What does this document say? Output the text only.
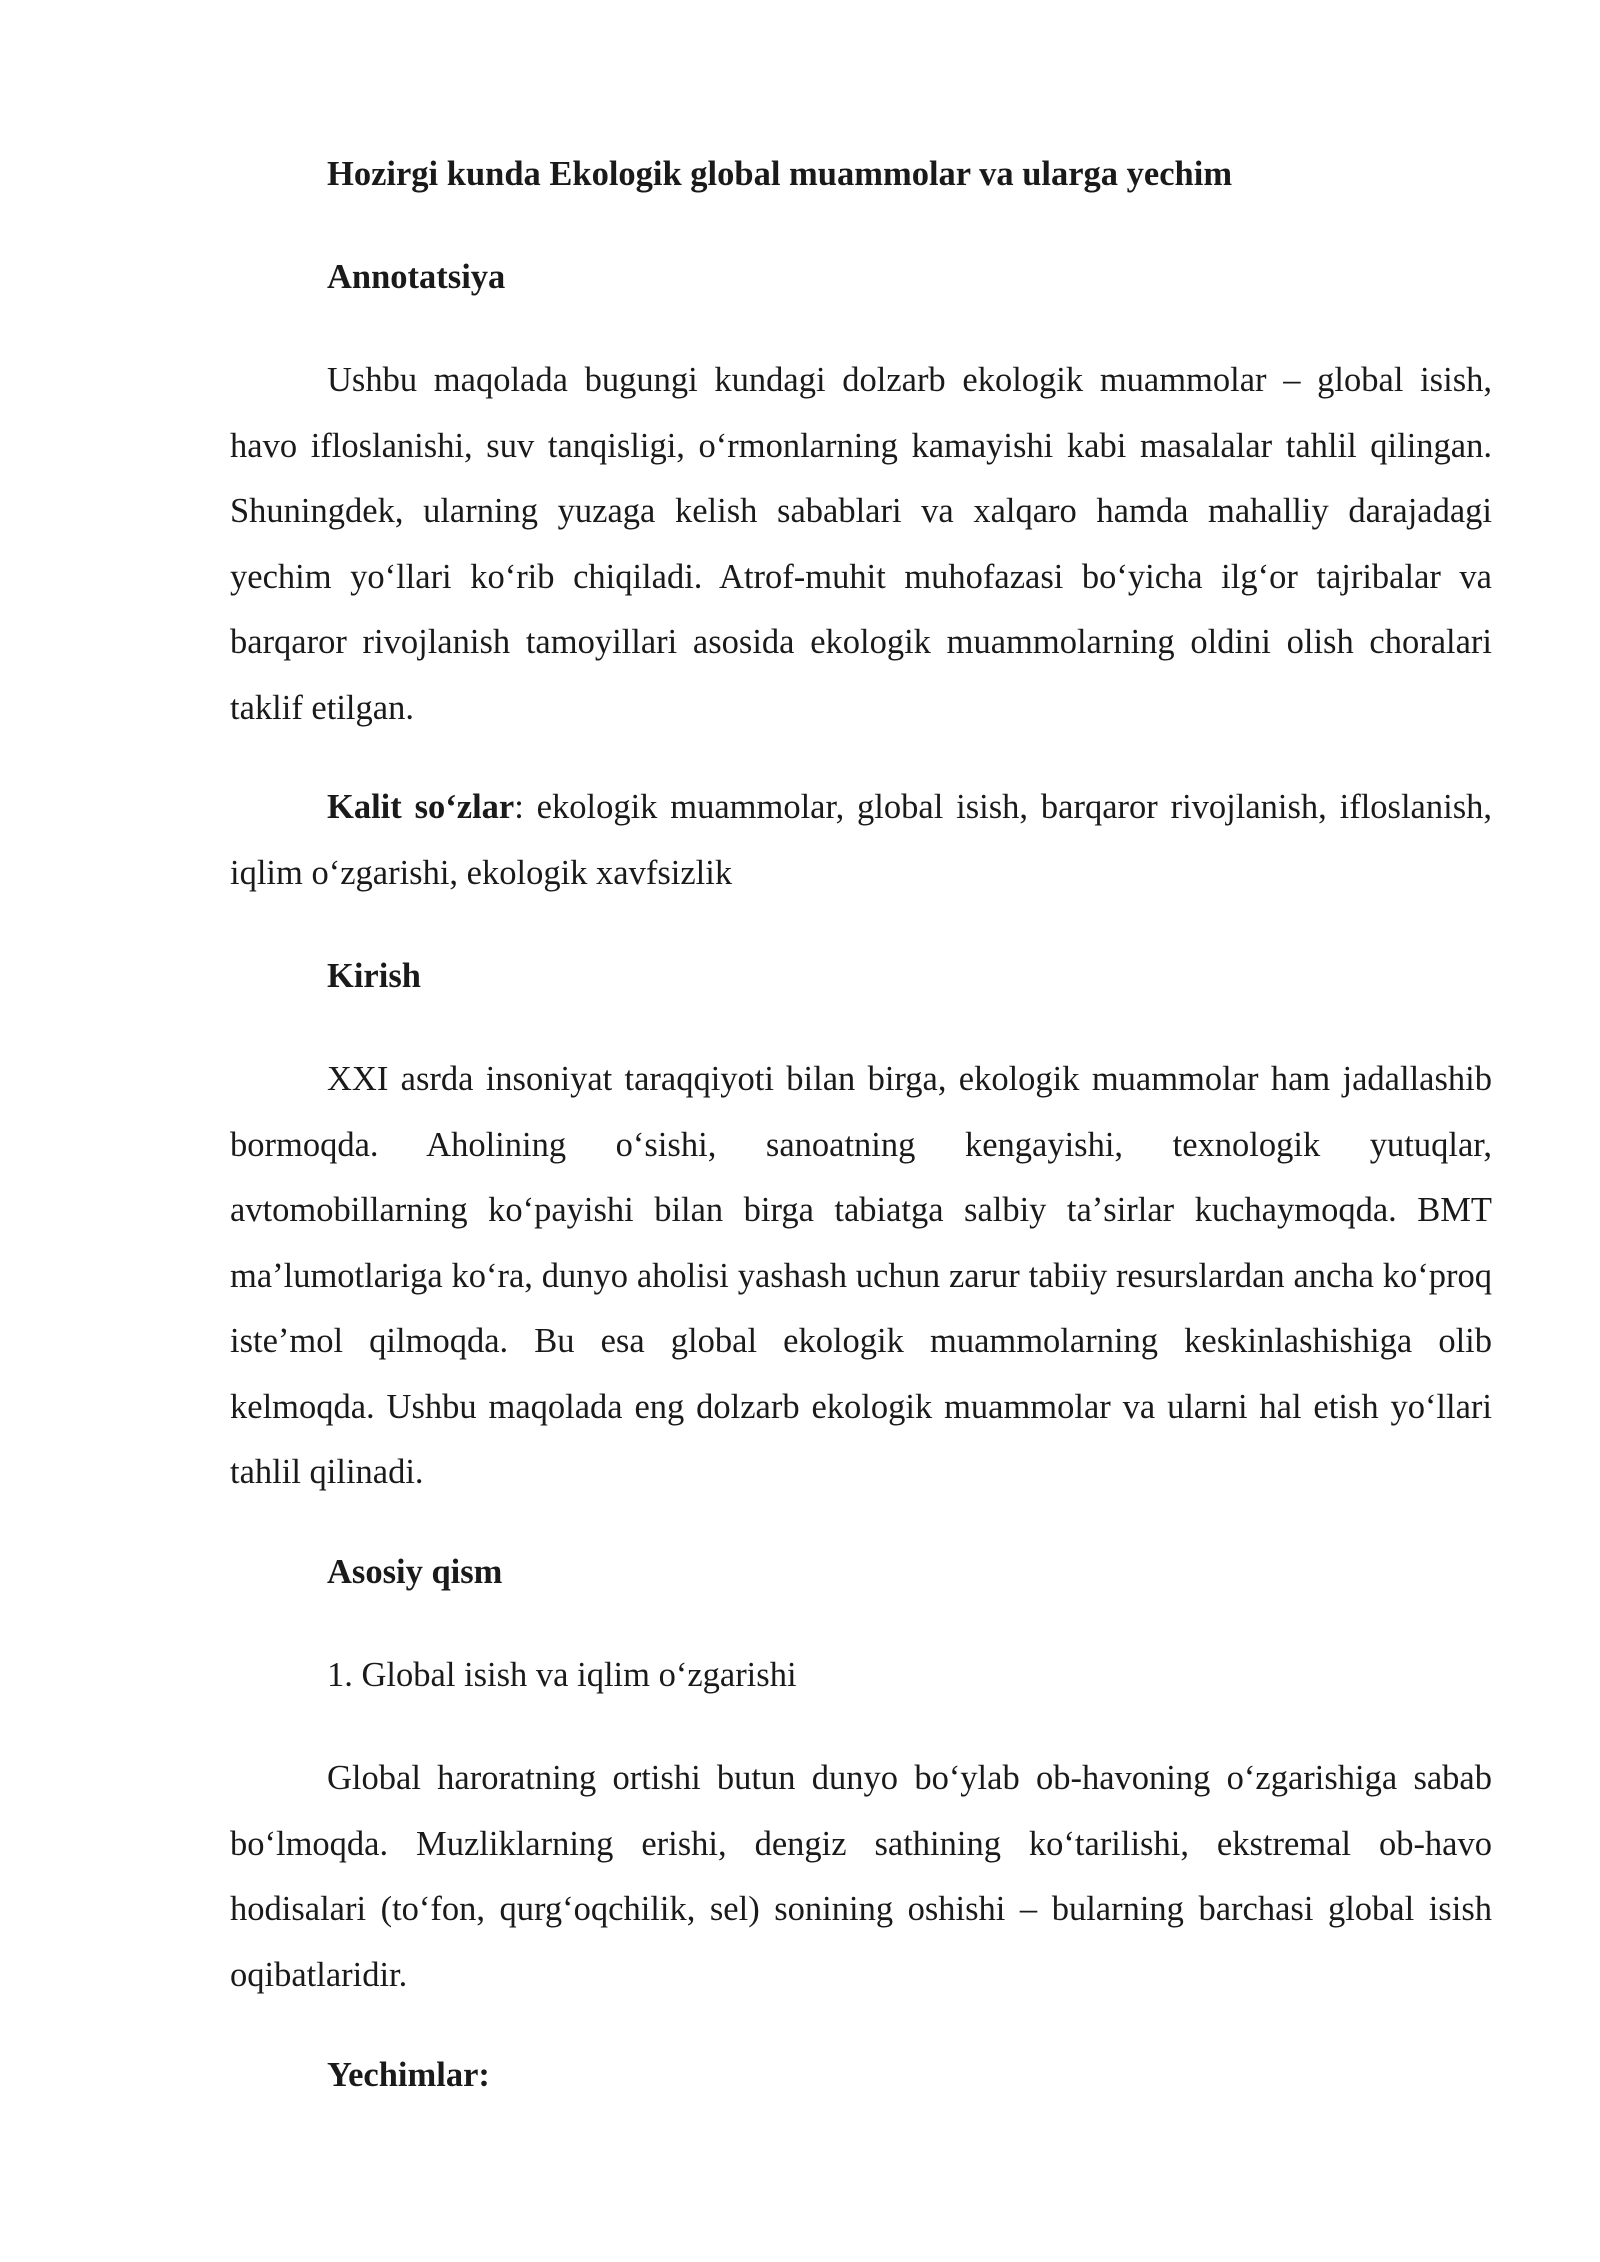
Hozirgi kunda Ekologik global muammolar va ularga yechim

Annotatsiya

Ushbu maqolada bugungi kundagi dolzarb ekologik muammolar – global isish, havo ifloslanishi, suv tanqisligi, oʻrmonlarning kamayishi kabi masalalar tahlil qilingan. Shuningdek, ularning yuzaga kelish sabablari va xalqaro hamda mahalliy darajadagi yechim yoʻllari koʻrib chiqiladi. Atrof-muhit muhofazasi boʻyicha ilgʻor tajribalar va barqaror rivojlanish tamoyillari asosida ekologik muammolarning oldini olish choralari taklif etilgan.

Kalit soʻzlar: ekologik muammolar, global isish, barqaror rivojlanish, ifloslanish, iqlim oʻzgarishi, ekologik xavfsizlik

Kirish

XXI asrda insoniyat taraqqiyoti bilan birga, ekologik muammolar ham jadallashib bormoqda. Aholining oʻsishi, sanoatning kengayishi, texnologik yutuqlar, avtomobillarning koʻpayishi bilan birga tabiatga salbiy taʼsirlar kuchaymoqda. BMT maʼlumotlariga koʻra, dunyo aholisi yashash uchun zarur tabiiy resurslardan ancha koʻproq isteʼmol qilmoqda. Bu esa global ekologik muammolarning keskinlashishiga olib kelmoqda. Ushbu maqolada eng dolzarb ekologik muammolar va ularni hal etish yoʻllari tahlil qilinadi.

Asosiy qism

1. Global isish va iqlim oʻzgarishi

Global haroratning ortishi butun dunyo boʻylab ob-havoning oʻzgarishiga sabab boʻlmoqda. Muzliklarning erishi, dengiz sathining koʻtarilishi, ekstremal ob-havo hodisalari (toʻfon, qurgʻoqchilik, sel) sonining oshishi – bularning barchasi global isish oqibatlaridir.

Yechimlar:
